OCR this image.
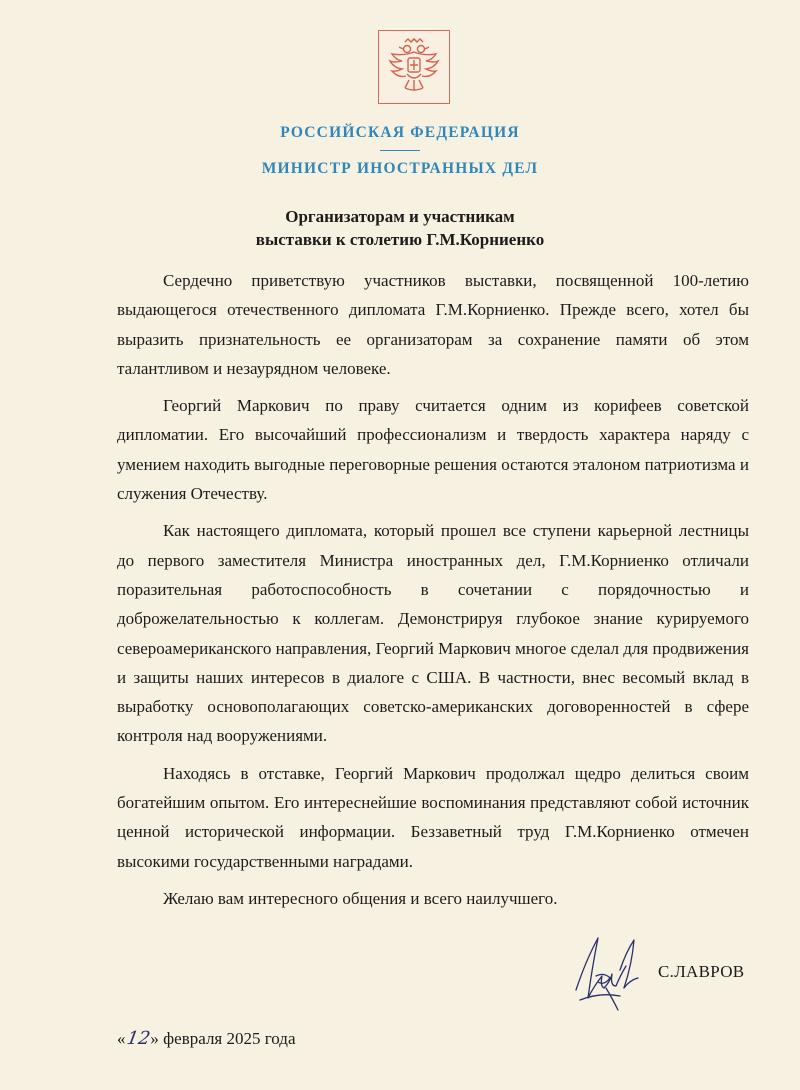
РОССИЙСКАЯ ФЕДЕРАЦИЯ
МИНИСТР ИНОСТРАННЫХ ДЕЛ
Организаторам и участникам
выставки к столетию Г.М.Корниенко

Сердечно приветствую участников выставки, посвященной 100-летию выдающегося отечественного дипломата Г.М.Корниенко. Прежде всего, хотел бы выразить признательность ее организаторам за сохранение памяти об этом талантливом и незаурядном человеке.

Георгий Маркович по праву считается одним из корифеев советской дипломатии. Его высочайший профессионализм и твердость характера наряду с умением находить выгодные переговорные решения остаются эталоном патриотизма и служения Отечеству.

Как настоящего дипломата, который прошел все ступени карьерной лестницы до первого заместителя Министра иностранных дел, Г.М.Корниенко отличали поразительная работоспособность в сочетании с порядочностью и доброжелательностью к коллегам. Демонстрируя глубокое знание курируемого североамериканского направления, Георгий Маркович многое сделал для продвижения и защиты наших интересов в диалоге с США. В частности, внес весомый вклад в выработку основополагающих советско-американских договоренностей в сфере контроля над вооружениями.

Находясь в отставке, Георгий Маркович продолжал щедро делиться своим богатейшим опытом. Его интереснейшие воспоминания представляют собой источник ценной исторической информации. Беззаветный труд Г.М.Корниенко отмечен высокими государственными наградами.

Желаю вам интересного общения и всего наилучшего.

С.ЛАВРОВ
«12» февраля 2025 года
